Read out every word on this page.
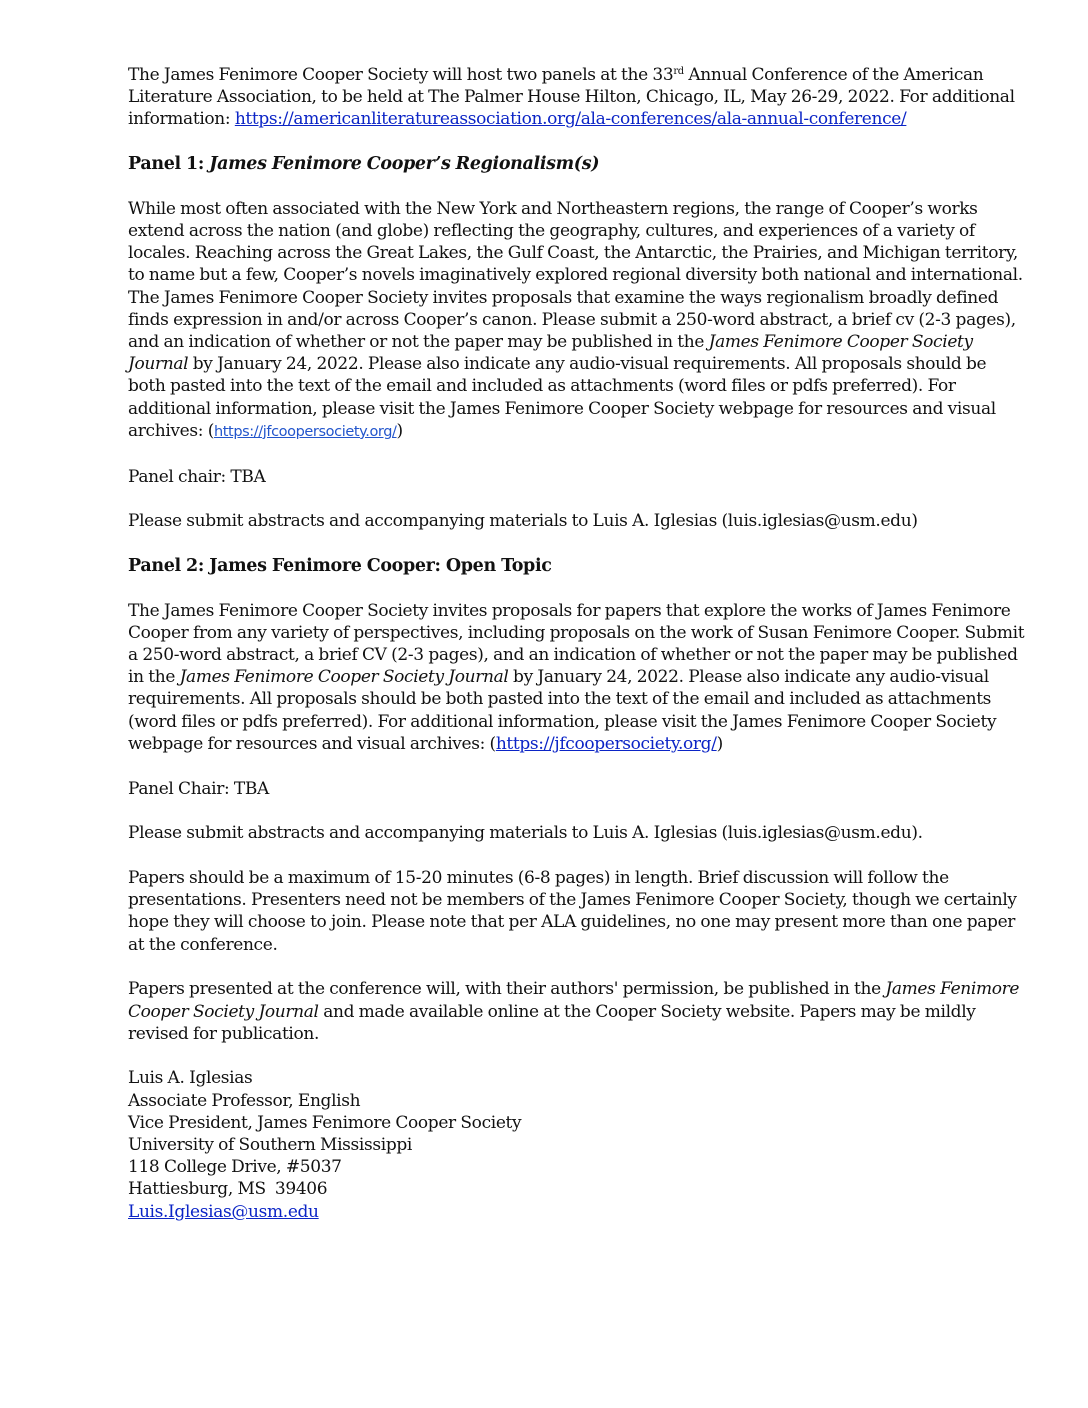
The James Fenimore Cooper Society will host two panels at the 33rd Annual Conference of the American Literature Association, to be held at The Palmer House Hilton, Chicago, IL, May 26-29, 2022. For additional information: https://americanliteratureassociation.org/ala-conferences/ala-annual-conference/

Panel 1: James Fenimore Cooper’s Regionalism(s)

While most often associated with the New York and Northeastern regions, the range of Cooper’s works extend across the nation (and globe) reflecting the geography, cultures, and experiences of a variety of locales. Reaching across the Great Lakes, the Gulf Coast, the Antarctic, the Prairies, and Michigan territory, to name but a few, Cooper’s novels imaginatively explored regional diversity both national and international. The James Fenimore Cooper Society invites proposals that examine the ways regionalism broadly defined finds expression in and/or across Cooper’s canon. Please submit a 250-word abstract, a brief cv (2-3 pages), and an indication of whether or not the paper may be published in the James Fenimore Cooper Society Journal by January 24, 2022. Please also indicate any audio-visual requirements. All proposals should be both pasted into the text of the email and included as attachments (word files or pdfs preferred). For additional information, please visit the James Fenimore Cooper Society webpage for resources and visual archives: (https://jfcoopersociety.org/)

Panel chair: TBA

Please submit abstracts and accompanying materials to Luis A. Iglesias (luis.iglesias@usm.edu)

Panel 2: James Fenimore Cooper: Open Topic

The James Fenimore Cooper Society invites proposals for papers that explore the works of James Fenimore Cooper from any variety of perspectives, including proposals on the work of Susan Fenimore Cooper. Submit a 250-word abstract, a brief CV (2-3 pages), and an indication of whether or not the paper may be published in the James Fenimore Cooper Society Journal by January 24, 2022. Please also indicate any audio-visual requirements. All proposals should be both pasted into the text of the email and included as attachments (word files or pdfs preferred). For additional information, please visit the James Fenimore Cooper Society webpage for resources and visual archives: (https://jfcoopersociety.org/)

Panel Chair: TBA

Please submit abstracts and accompanying materials to Luis A. Iglesias (luis.iglesias@usm.edu).

Papers should be a maximum of 15-20 minutes (6-8 pages) in length. Brief discussion will follow the presentations. Presenters need not be members of the James Fenimore Cooper Society, though we certainly hope they will choose to join. Please note that per ALA guidelines, no one may present more than one paper at the conference.

Papers presented at the conference will, with their authors' permission, be published in the James Fenimore Cooper Society Journal and made available online at the Cooper Society website. Papers may be mildly revised for publication.

Luis A. Iglesias
Associate Professor, English
Vice President, James Fenimore Cooper Society
University of Southern Mississippi
118 College Drive, #5037
Hattiesburg, MS  39406
Luis.Iglesias@usm.edu
